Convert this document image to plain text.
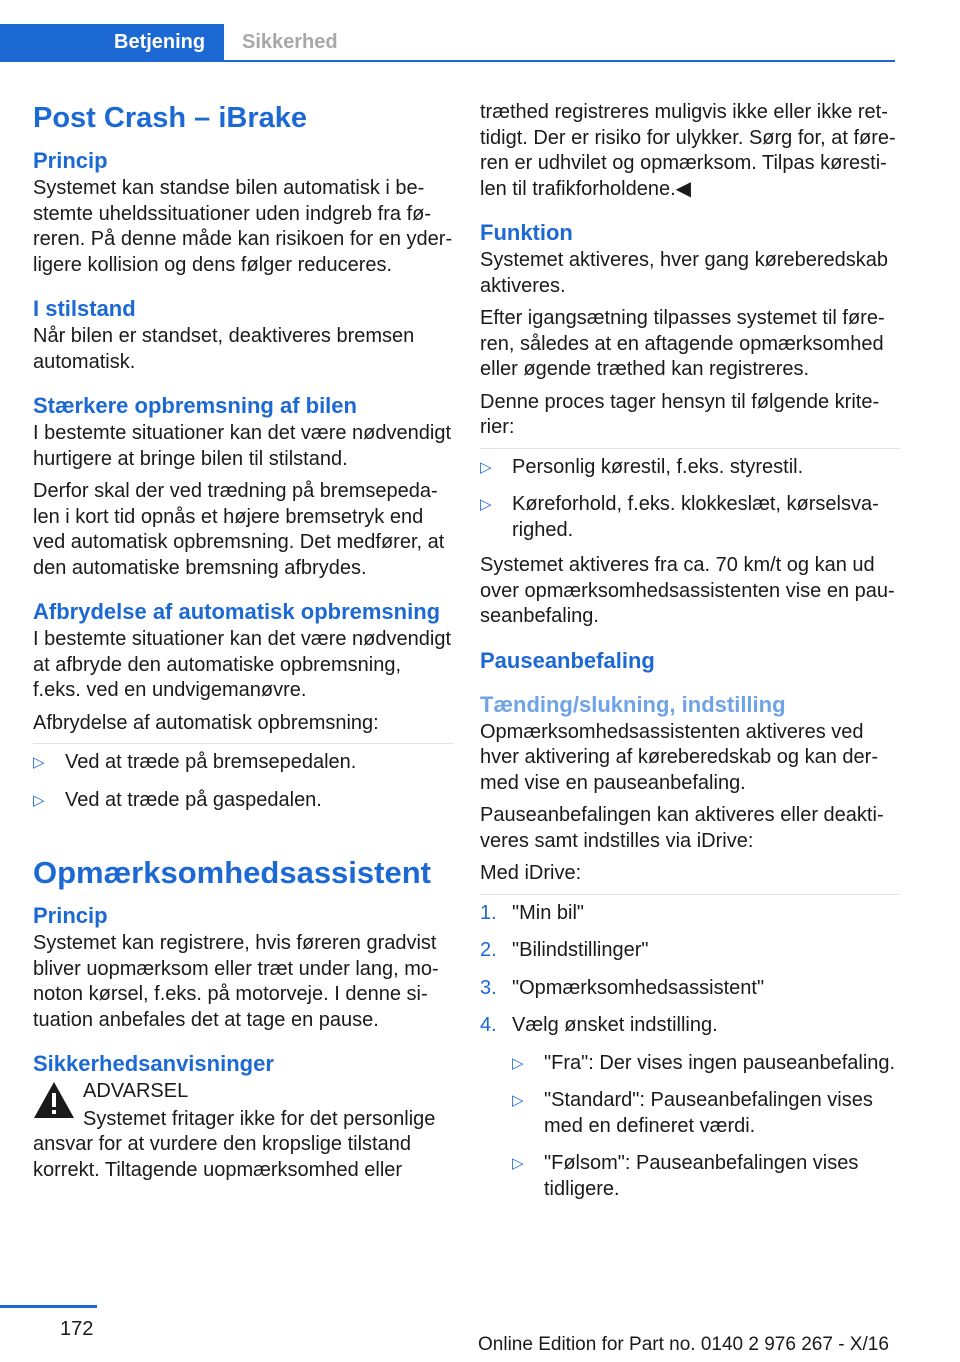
Betjening	Sikkerhed
Post Crash – iBrake
Princip

Systemet kan standse bilen automatisk i bestemte uheldssituationer uden indgreb fra føreren. På denne måde kan risikoen for en yderligere kollision og dens følger reduceres.

I stilstand

Når bilen er standset, deaktiveres bremsen automatisk.

Stærkere opbremsning af bilen

I bestemte situationer kan det være nødvendigt hurtigere at bringe bilen til stilstand.

Derfor skal der ved trædning på bremsepedalen i kort tid opnås et højere bremsetryk end ved automatisk opbremsning. Det medfører, at den automatiske bremsning afbrydes.

Afbrydelse af automatisk opbremsning

I bestemte situationer kan det være nødvendigt at afbryde den automatiske opbremsning, f.eks. ved en undvigemanøvre.

Afbrydelse af automatisk opbremsning:

▷ Ved at træde på bremsepedalen.
▷ Ved at træde på gaspedalen.
Opmærksomhedsassistent
Princip

Systemet kan registrere, hvis føreren gradvist bliver uopmærksom eller træt under lang, monoton kørsel, f.eks. på motorveje. I denne situation anbefales det at tage en pause.

Sikkerhedsanvisninger
ADVARSEL

Systemet fritager ikke for det personlige ansvar for at vurdere den kropslige tilstand korrekt. Tiltagende uopmærksomhed eller

træthed registreres muligvis ikke eller ikke rettidigt. Der er risiko for ulykker. Sørg for, at føreren er udhvilet og opmærksom. Tilpas kørestilen til trafikforholdene.◀

Funktion

Systemet aktiveres, hver gang kørеberedskab aktiveres.

Efter igangsætning tilpasses systemet til føreren, således at en aftagende opmærksomhed eller øgende træthed kan registreres.

Denne proces tager hensyn til følgende kriterier:

▷ Personlig kørestil, f.eks. styrestil.
▷ Køreforhold, f.eks. klokkeslæt, kørselsvarighed.

Systemet aktiveres fra ca. 70 km/t og kan ud over opmærksomhedsassistenten vise en pauseanbefaling.

Pauseanbefaling
Tænding/slukning, indstilling

Opmærksomhedsassistenten aktiveres ved hver aktivering af køreberedskab og kan dermed vise en pauseanbefaling.

Pauseanbefalingen kan aktiveres eller deaktiveres samt indstilles via iDrive:

Med iDrive:

1. "Min bil"
2. "Bilindstillinger"
3. "Opmærksomhedsassistent"
4. Vælg ønsket indstilling.
▷ "Fra": Der vises ingen pauseanbefaling.
▷ "Standard": Pauseanbefalingen vises med en defineret værdi.
▷ "Følsom": Pauseanbefalingen vises tidligere.
172
Online Edition for Part no. 0140 2 976 267 - X/16
